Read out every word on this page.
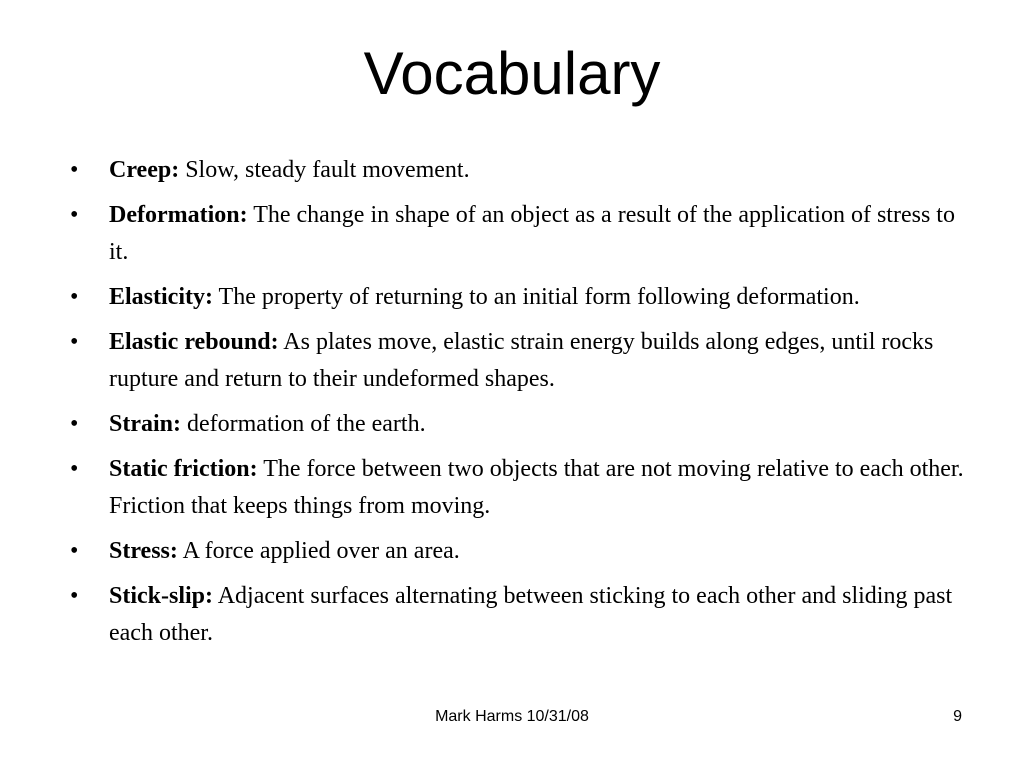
Vocabulary
•	Creep: Slow, steady fault movement.
•	Deformation: The change in shape of an object as a result of the application of stress to it.
•	Elasticity: The property of returning to an initial form following deformation.
•	Elastic rebound: As plates move, elastic strain energy builds along edges, until rocks rupture and return to their undeformed shapes.
•	Strain: deformation of the earth.
•	Static friction: The force between two objects that are not moving relative to each other. Friction that keeps things from moving.
•	Stress: A force applied over an area.
•	Stick-slip: Adjacent surfaces alternating between sticking to each other and sliding past each other.
Mark Harms 10/31/08	9
